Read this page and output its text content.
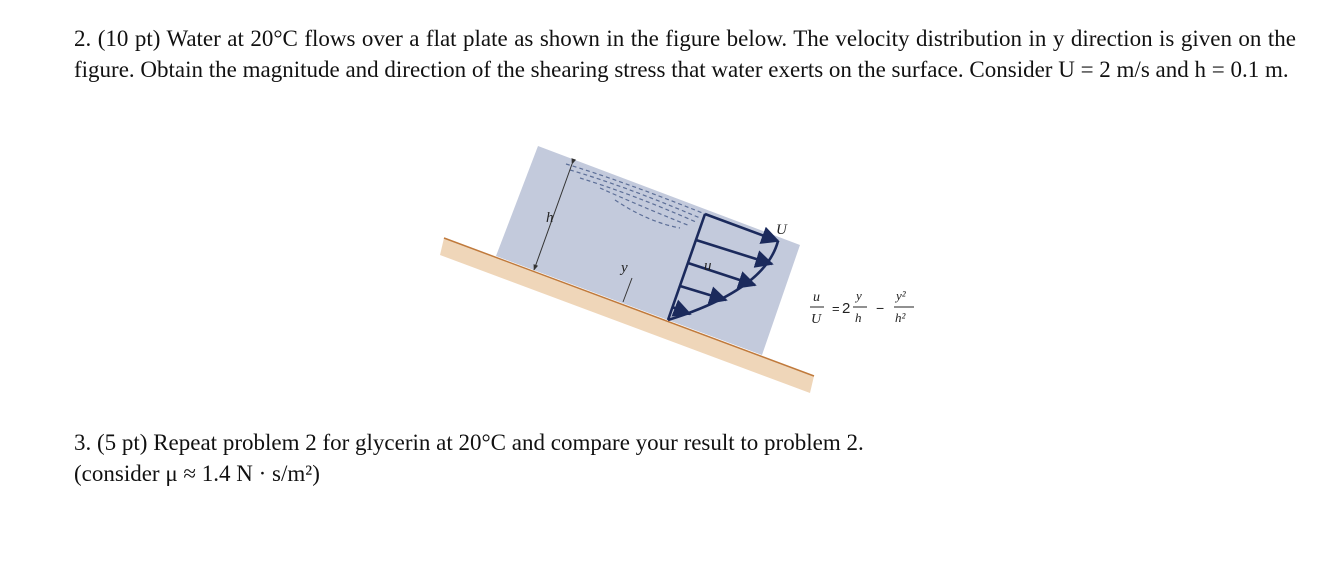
2. (10 pt) Water at 20°C flows over a flat plate as shown in the figure below. The velocity distribution in y direction is given on the figure. Obtain the magnitude and direction of the shearing stress that water exerts on the surface. Consider U = 2 m/s and h = 0.1 m.

h
y	u
U
u
U
= 2
y
h
−
y²
h²
3. (5 pt) Repeat problem 2 for glycerin at 20°C and compare your result to problem 2.
(consider μ ≈ 1.4 N · s/m²)
